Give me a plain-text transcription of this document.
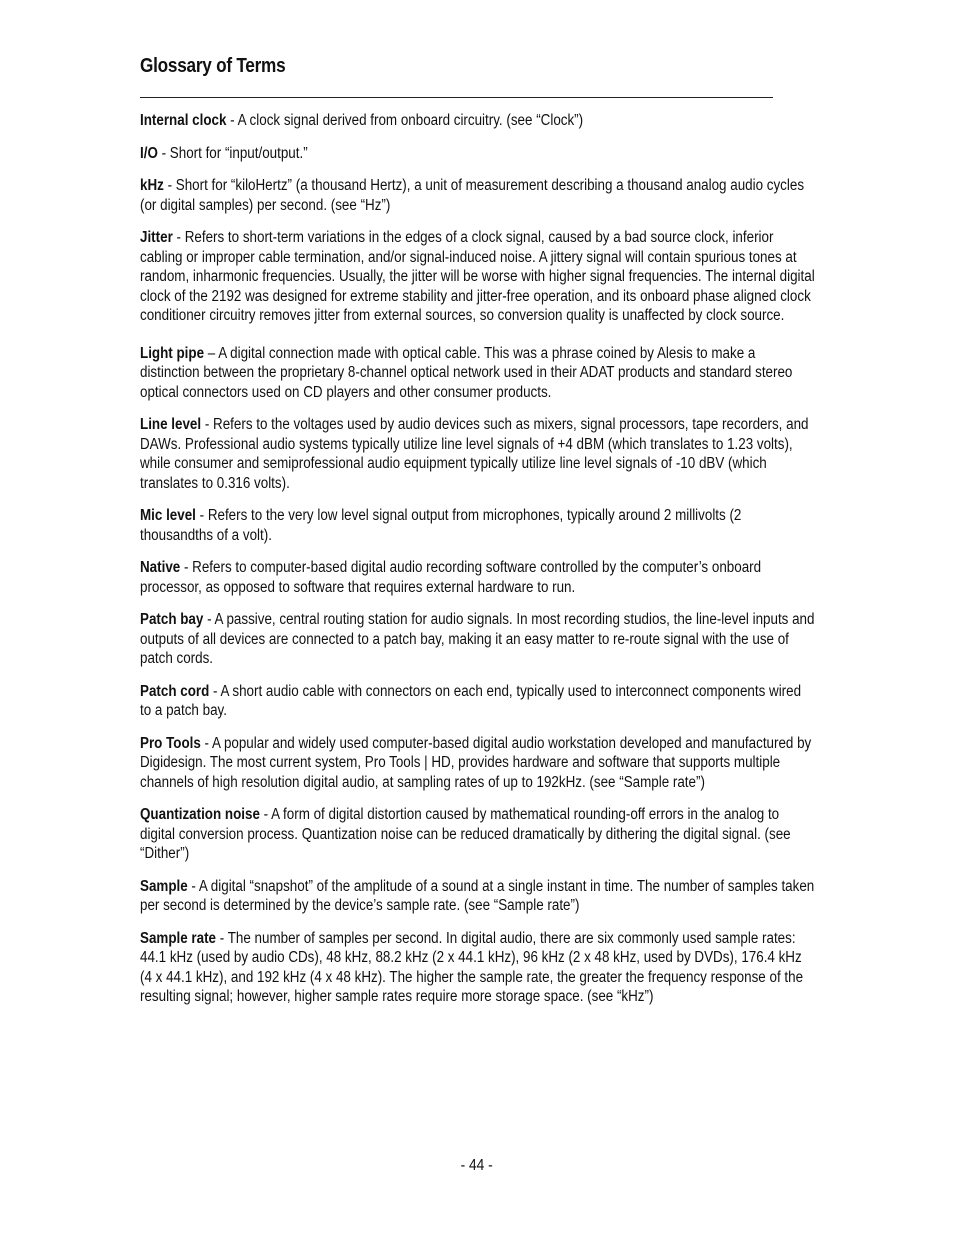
Glossary of Terms

Internal clock - A clock signal derived from onboard circuitry. (see “Clock”)

I/O - Short for “input/output.”

kHz - Short for “kiloHertz” (a thousand Hertz), a unit of measurement describing a thousand analog audio cycles (or digital samples) per second. (see “Hz”)

Jitter - Refers to short-term variations in the edges of a clock signal, caused by a bad source clock, inferior cabling or improper cable termination, and/or signal-induced noise. A jittery signal will contain spurious tones at random, inharmonic frequencies. Usually, the jitter will be worse with higher signal frequencies. The internal digital clock of the 2192 was designed for extreme stability and jitter-free operation, and its onboard phase aligned clock conditioner circuitry removes jitter from external sources, so conversion quality is unaffected by clock source.

Light pipe – A digital connection made with optical cable. This was a phrase coined by Alesis to make a distinction between the proprietary 8-channel optical network used in their ADAT products and standard stereo optical connectors used on CD players and other consumer products.

Line level - Refers to the voltages used by audio devices such as mixers, signal processors, tape recorders, and DAWs. Professional audio systems typically utilize line level signals of +4 dBM (which translates to 1.23 volts), while consumer and semiprofessional audio equipment typically utilize line level signals of -10 dBV (which translates to 0.316 volts).

Mic level - Refers to the very low level signal output from microphones, typically around 2 millivolts (2 thousandths of a volt).

Native - Refers to computer-based digital audio recording software controlled by the computer’s onboard processor, as opposed to software that requires external hardware to run.

Patch bay - A passive, central routing station for audio signals. In most recording studios, the line-level inputs and outputs of all devices are connected to a patch bay, making it an easy matter to re-route signal with the use of patch cords.

Patch cord - A short audio cable with connectors on each end, typically used to interconnect components wired to a patch bay.

Pro Tools - A popular and widely used computer-based digital audio workstation developed and manufactured by Digidesign. The most current system, Pro Tools | HD, provides hardware and software that supports multiple channels of high resolution digital audio, at sampling rates of up to 192kHz. (see “Sample rate”)

Quantization noise - A form of digital distortion caused by mathematical rounding-off errors in the analog to digital conversion process. Quantization noise can be reduced dramatically by dithering the digital signal. (see “Dither”)

Sample - A digital “snapshot” of the amplitude of a sound at a single instant in time. The number of samples taken per second is determined by the device’s sample rate. (see “Sample rate”)

Sample rate - The number of samples per second. In digital audio, there are six commonly used sample rates: 44.1 kHz (used by audio CDs), 48 kHz, 88.2 kHz (2 x 44.1 kHz), 96 kHz (2 x 48 kHz, used by DVDs), 176.4 kHz (4 x 44.1 kHz), and 192 kHz (4 x 48 kHz). The higher the sample rate, the greater the frequency response of the resulting signal; however, higher sample rates require more storage space. (see “kHz”)

- 44 -
